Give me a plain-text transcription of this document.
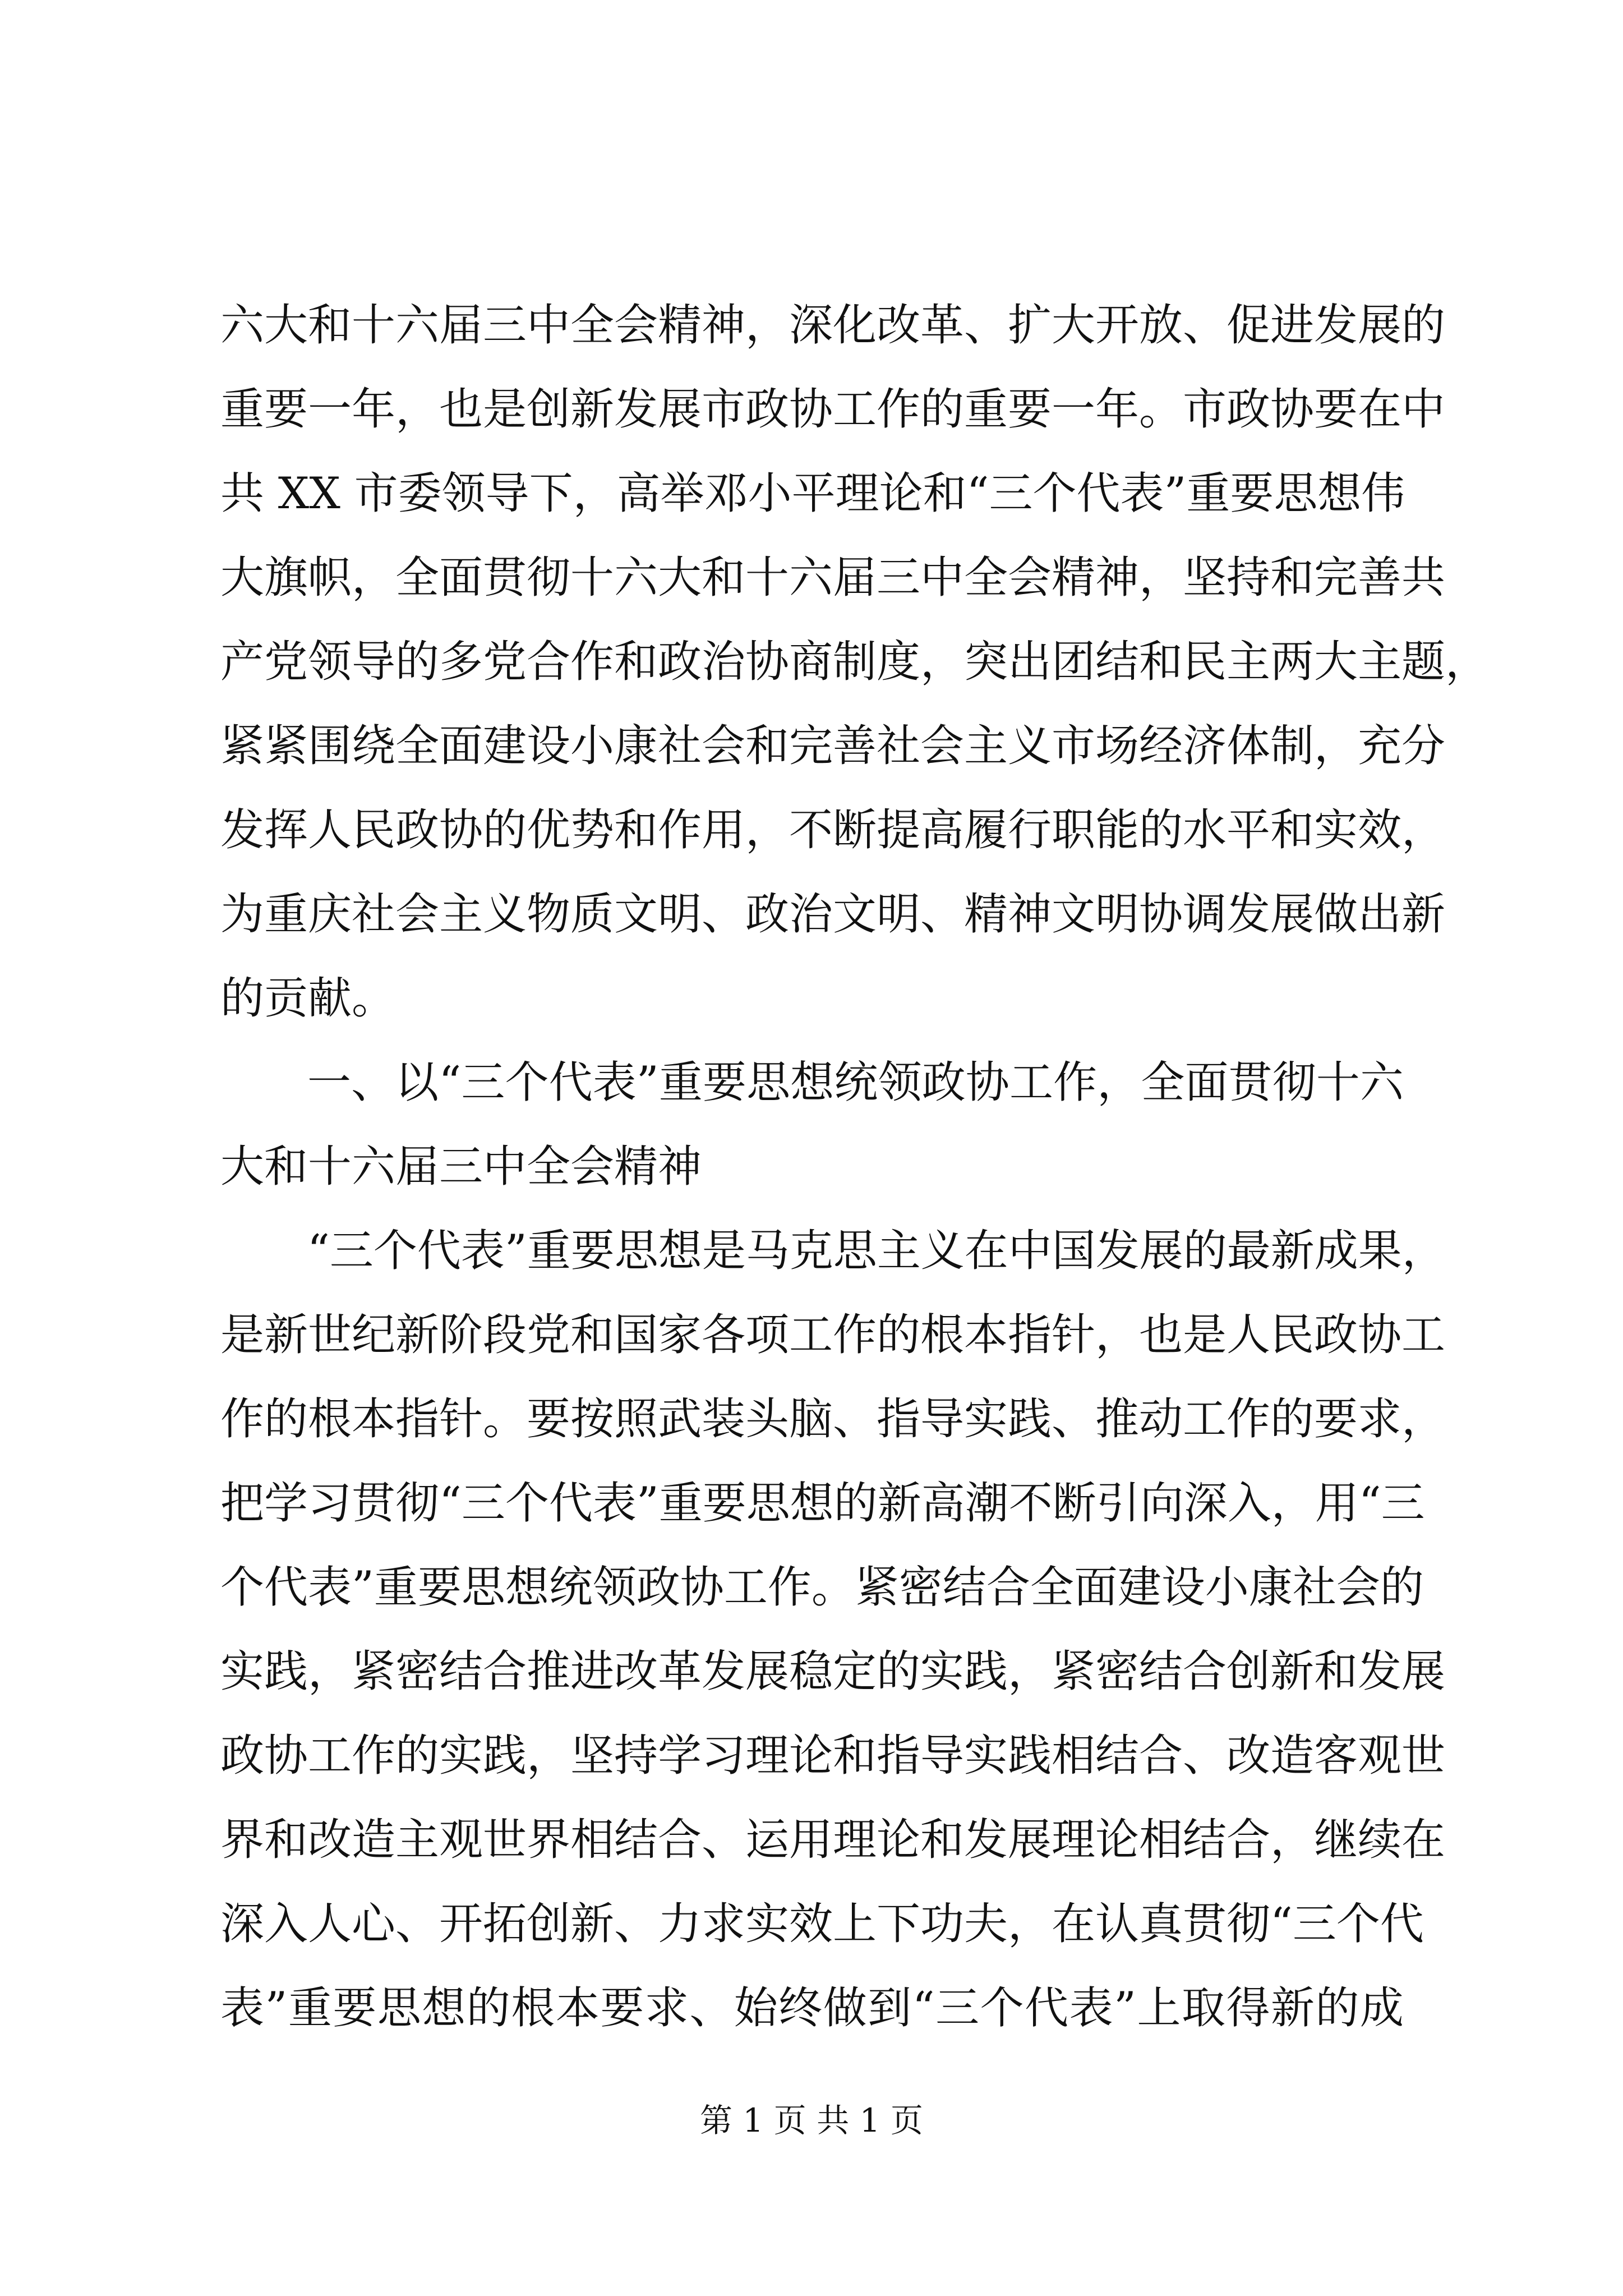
六大和十六届三中全会精神，深化改革、扩大开放、促进发展的
重要一年，也是创新发展市政协工作的重要一年。市政协要在中
共 XX 市委领导下，高举邓小平理论和“三个代表”重要思想伟
大旗帜，全面贯彻十六大和十六届三中全会精神，坚持和完善共
产党领导的多党合作和政治协商制度，突出团结和民主两大主题，
紧紧围绕全面建设小康社会和完善社会主义市场经济体制，充分
发挥人民政协的优势和作用，不断提高履行职能的水平和实效，
为重庆社会主义物质文明、政治文明、精神文明协调发展做出新
的贡献。
一、以“三个代表”重要思想统领政协工作，全面贯彻十六
大和十六届三中全会精神
“三个代表”重要思想是马克思主义在中国发展的最新成果，
是新世纪新阶段党和国家各项工作的根本指针，也是人民政协工
作的根本指针。要按照武装头脑、指导实践、推动工作的要求，
把学习贯彻“三个代表”重要思想的新高潮不断引向深入，用“三
个代表”重要思想统领政协工作。紧密结合全面建设小康社会的
实践，紧密结合推进改革发展稳定的实践，紧密结合创新和发展
政协工作的实践，坚持学习理论和指导实践相结合、改造客观世
界和改造主观世界相结合、运用理论和发展理论相结合，继续在
深入人心、开拓创新、力求实效上下功夫，在认真贯彻“三个代
表”重要思想的根本要求、始终做到“三个代表”上取得新的成
第 1 页 共 1 页
